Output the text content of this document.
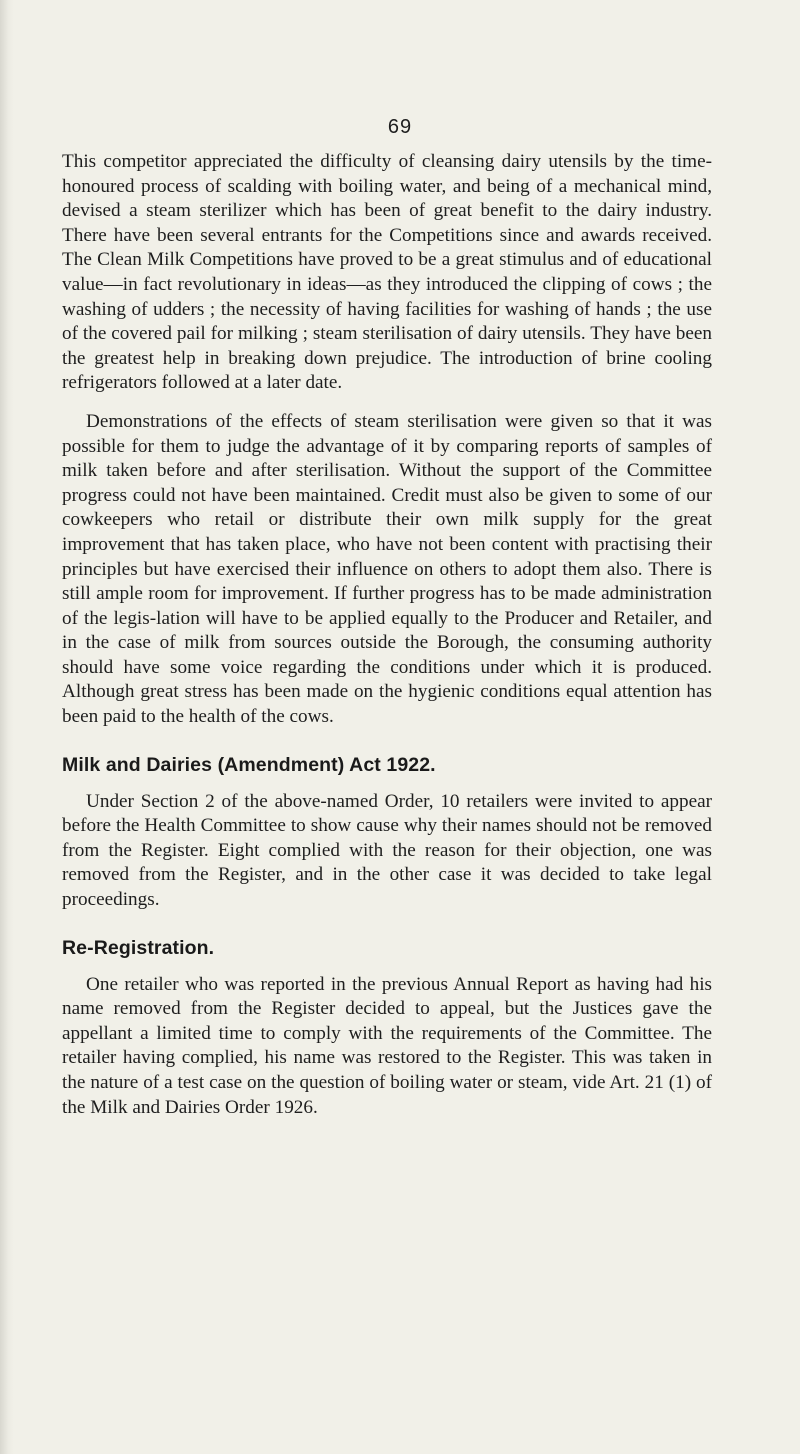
69

This competitor appreciated the difficulty of cleansing dairy utensils by the time-honoured process of scalding with boiling water, and being of a mechanical mind, devised a steam sterilizer which has been of great benefit to the dairy industry. There have been several entrants for the Competitions since and awards received. The Clean Milk Competitions have proved to be a great stimulus and of educational value—in fact revolutionary in ideas—as they introduced the clipping of cows ; the washing of udders ; the necessity of having facilities for washing of hands ; the use of the covered pail for milking ; steam sterilisation of dairy utensils. They have been the greatest help in breaking down prejudice. The introduction of brine cooling refrigerators followed at a later date.

Demonstrations of the effects of steam sterilisation were given so that it was possible for them to judge the advantage of it by comparing reports of samples of milk taken before and after sterilisation. Without the support of the Committee progress could not have been maintained. Credit must also be given to some of our cowkeepers who retail or distribute their own milk supply for the great improvement that has taken place, who have not been content with practising their principles but have exercised their influence on others to adopt them also. There is still ample room for improvement. If further progress has to be made administration of the legis-lation will have to be applied equally to the Producer and Retailer, and in the case of milk from sources outside the Borough, the consuming authority should have some voice regarding the conditions under which it is produced. Although great stress has been made on the hygienic conditions equal attention has been paid to the health of the cows.

Milk and Dairies (Amendment) Act 1922.

Under Section 2 of the above-named Order, 10 retailers were invited to appear before the Health Committee to show cause why their names should not be removed from the Register. Eight complied with the reason for their objection, one was removed from the Register, and in the other case it was decided to take legal proceedings.

Re-Registration.

One retailer who was reported in the previous Annual Report as having had his name removed from the Register decided to appeal, but the Justices gave the appellant a limited time to comply with the requirements of the Committee. The retailer having complied, his name was restored to the Register. This was taken in the nature of a test case on the question of boiling water or steam, vide Art. 21 (1) of the Milk and Dairies Order 1926.
